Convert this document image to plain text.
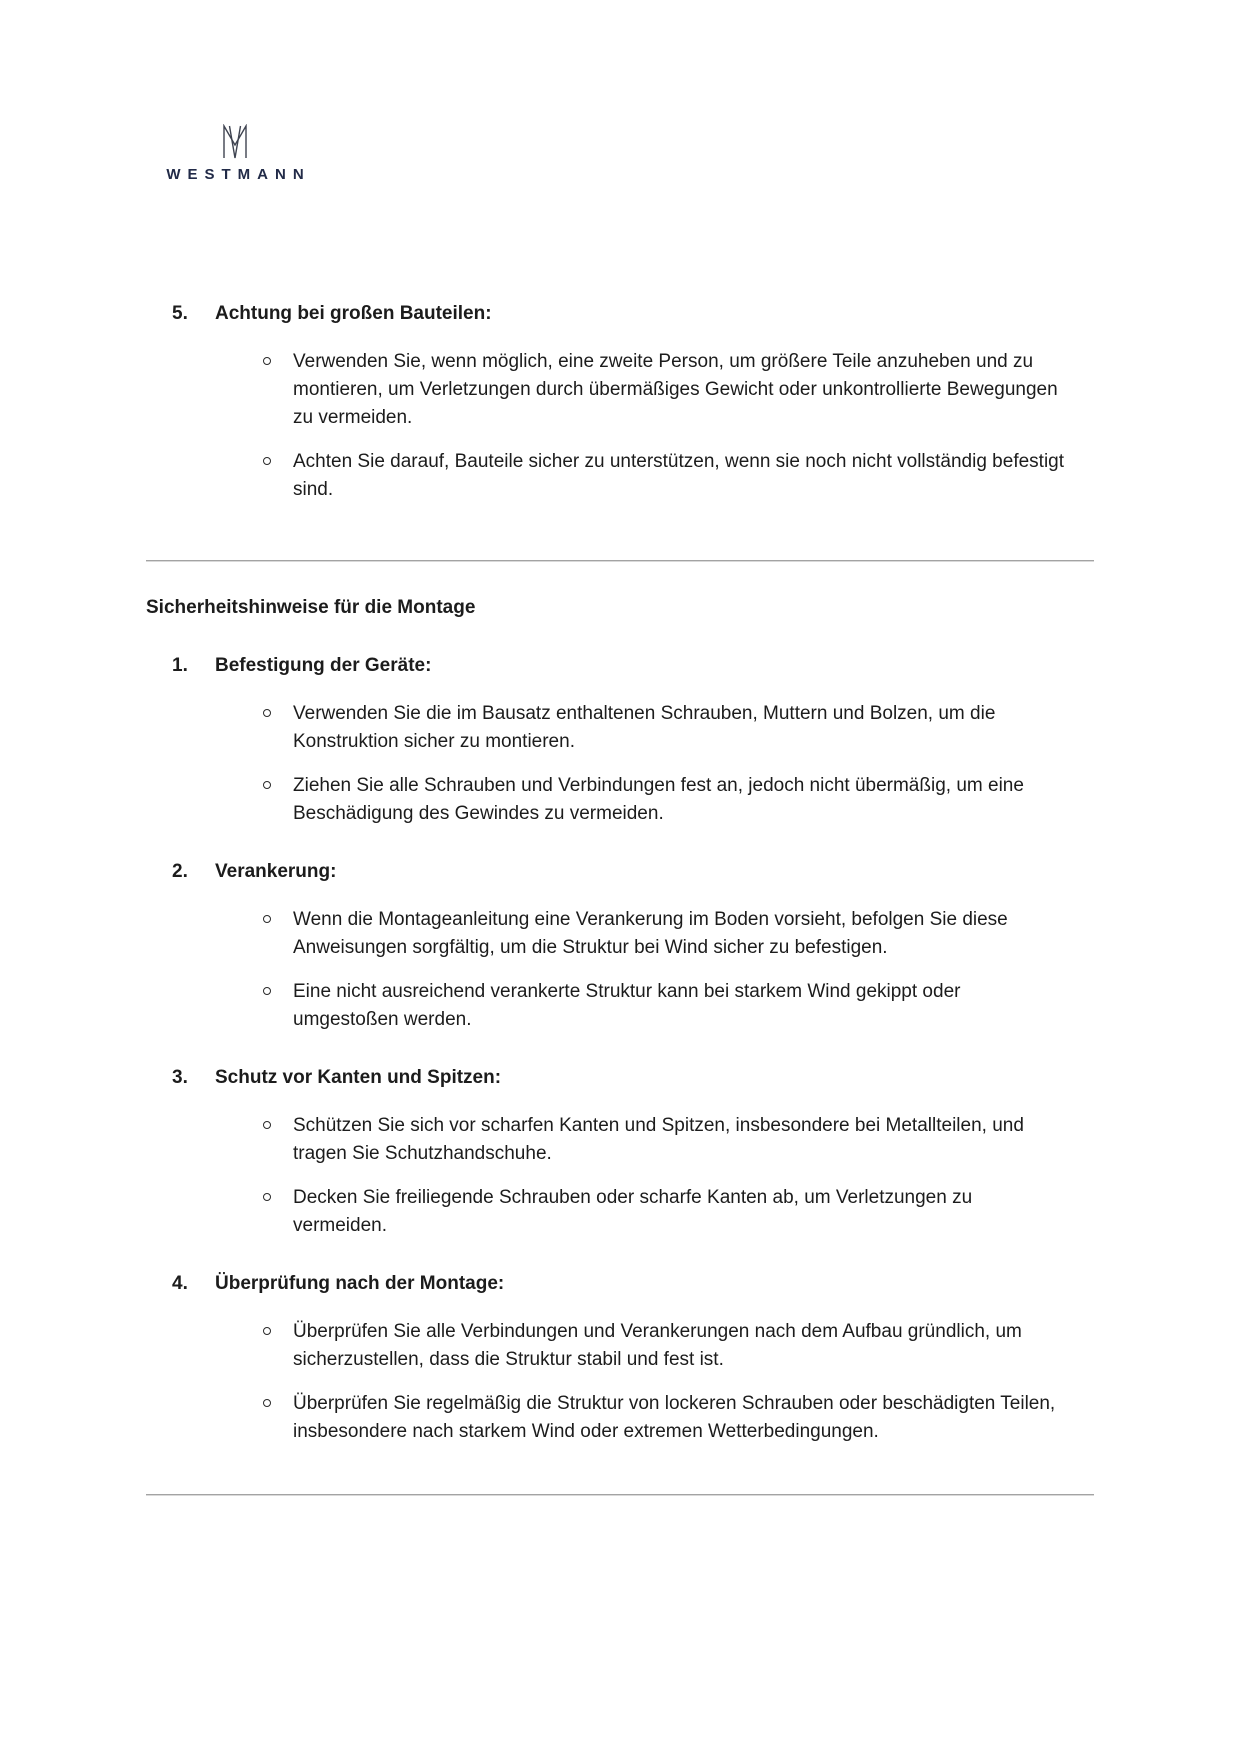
WESTMANN
5.	Achtung bei großen Bauteilen:

Verwenden Sie, wenn möglich, eine zweite Person, um größere Teile anzuheben und zu montieren, um Verletzungen durch übermäßiges Gewicht oder unkontrollierte Bewegungen zu vermeiden.

Achten Sie darauf, Bauteile sicher zu unterstützen, wenn sie noch nicht vollständig befestigt sind.

Sicherheitshinweise für die Montage
1.	Befestigung der Geräte:

Verwenden Sie die im Bausatz enthaltenen Schrauben, Muttern und Bolzen, um die Konstruktion sicher zu montieren.

Ziehen Sie alle Schrauben und Verbindungen fest an, jedoch nicht übermäßig, um eine Beschädigung des Gewindes zu vermeiden.

2.	Verankerung:

Wenn die Montageanleitung eine Verankerung im Boden vorsieht, befolgen Sie diese Anweisungen sorgfältig, um die Struktur bei Wind sicher zu befestigen.

Eine nicht ausreichend verankerte Struktur kann bei starkem Wind gekippt oder umgestoßen werden.

3.	Schutz vor Kanten und Spitzen:

Schützen Sie sich vor scharfen Kanten und Spitzen, insbesondere bei Metallteilen, und tragen Sie Schutzhandschuhe.

Decken Sie freiliegende Schrauben oder scharfe Kanten ab, um Verletzungen zu vermeiden.

4.	Überprüfung nach der Montage:

Überprüfen Sie alle Verbindungen und Verankerungen nach dem Aufbau gründlich, um sicherzustellen, dass die Struktur stabil und fest ist.

Überprüfen Sie regelmäßig die Struktur von lockeren Schrauben oder beschädigten Teilen, insbesondere nach starkem Wind oder extremen Wetterbedingungen.
